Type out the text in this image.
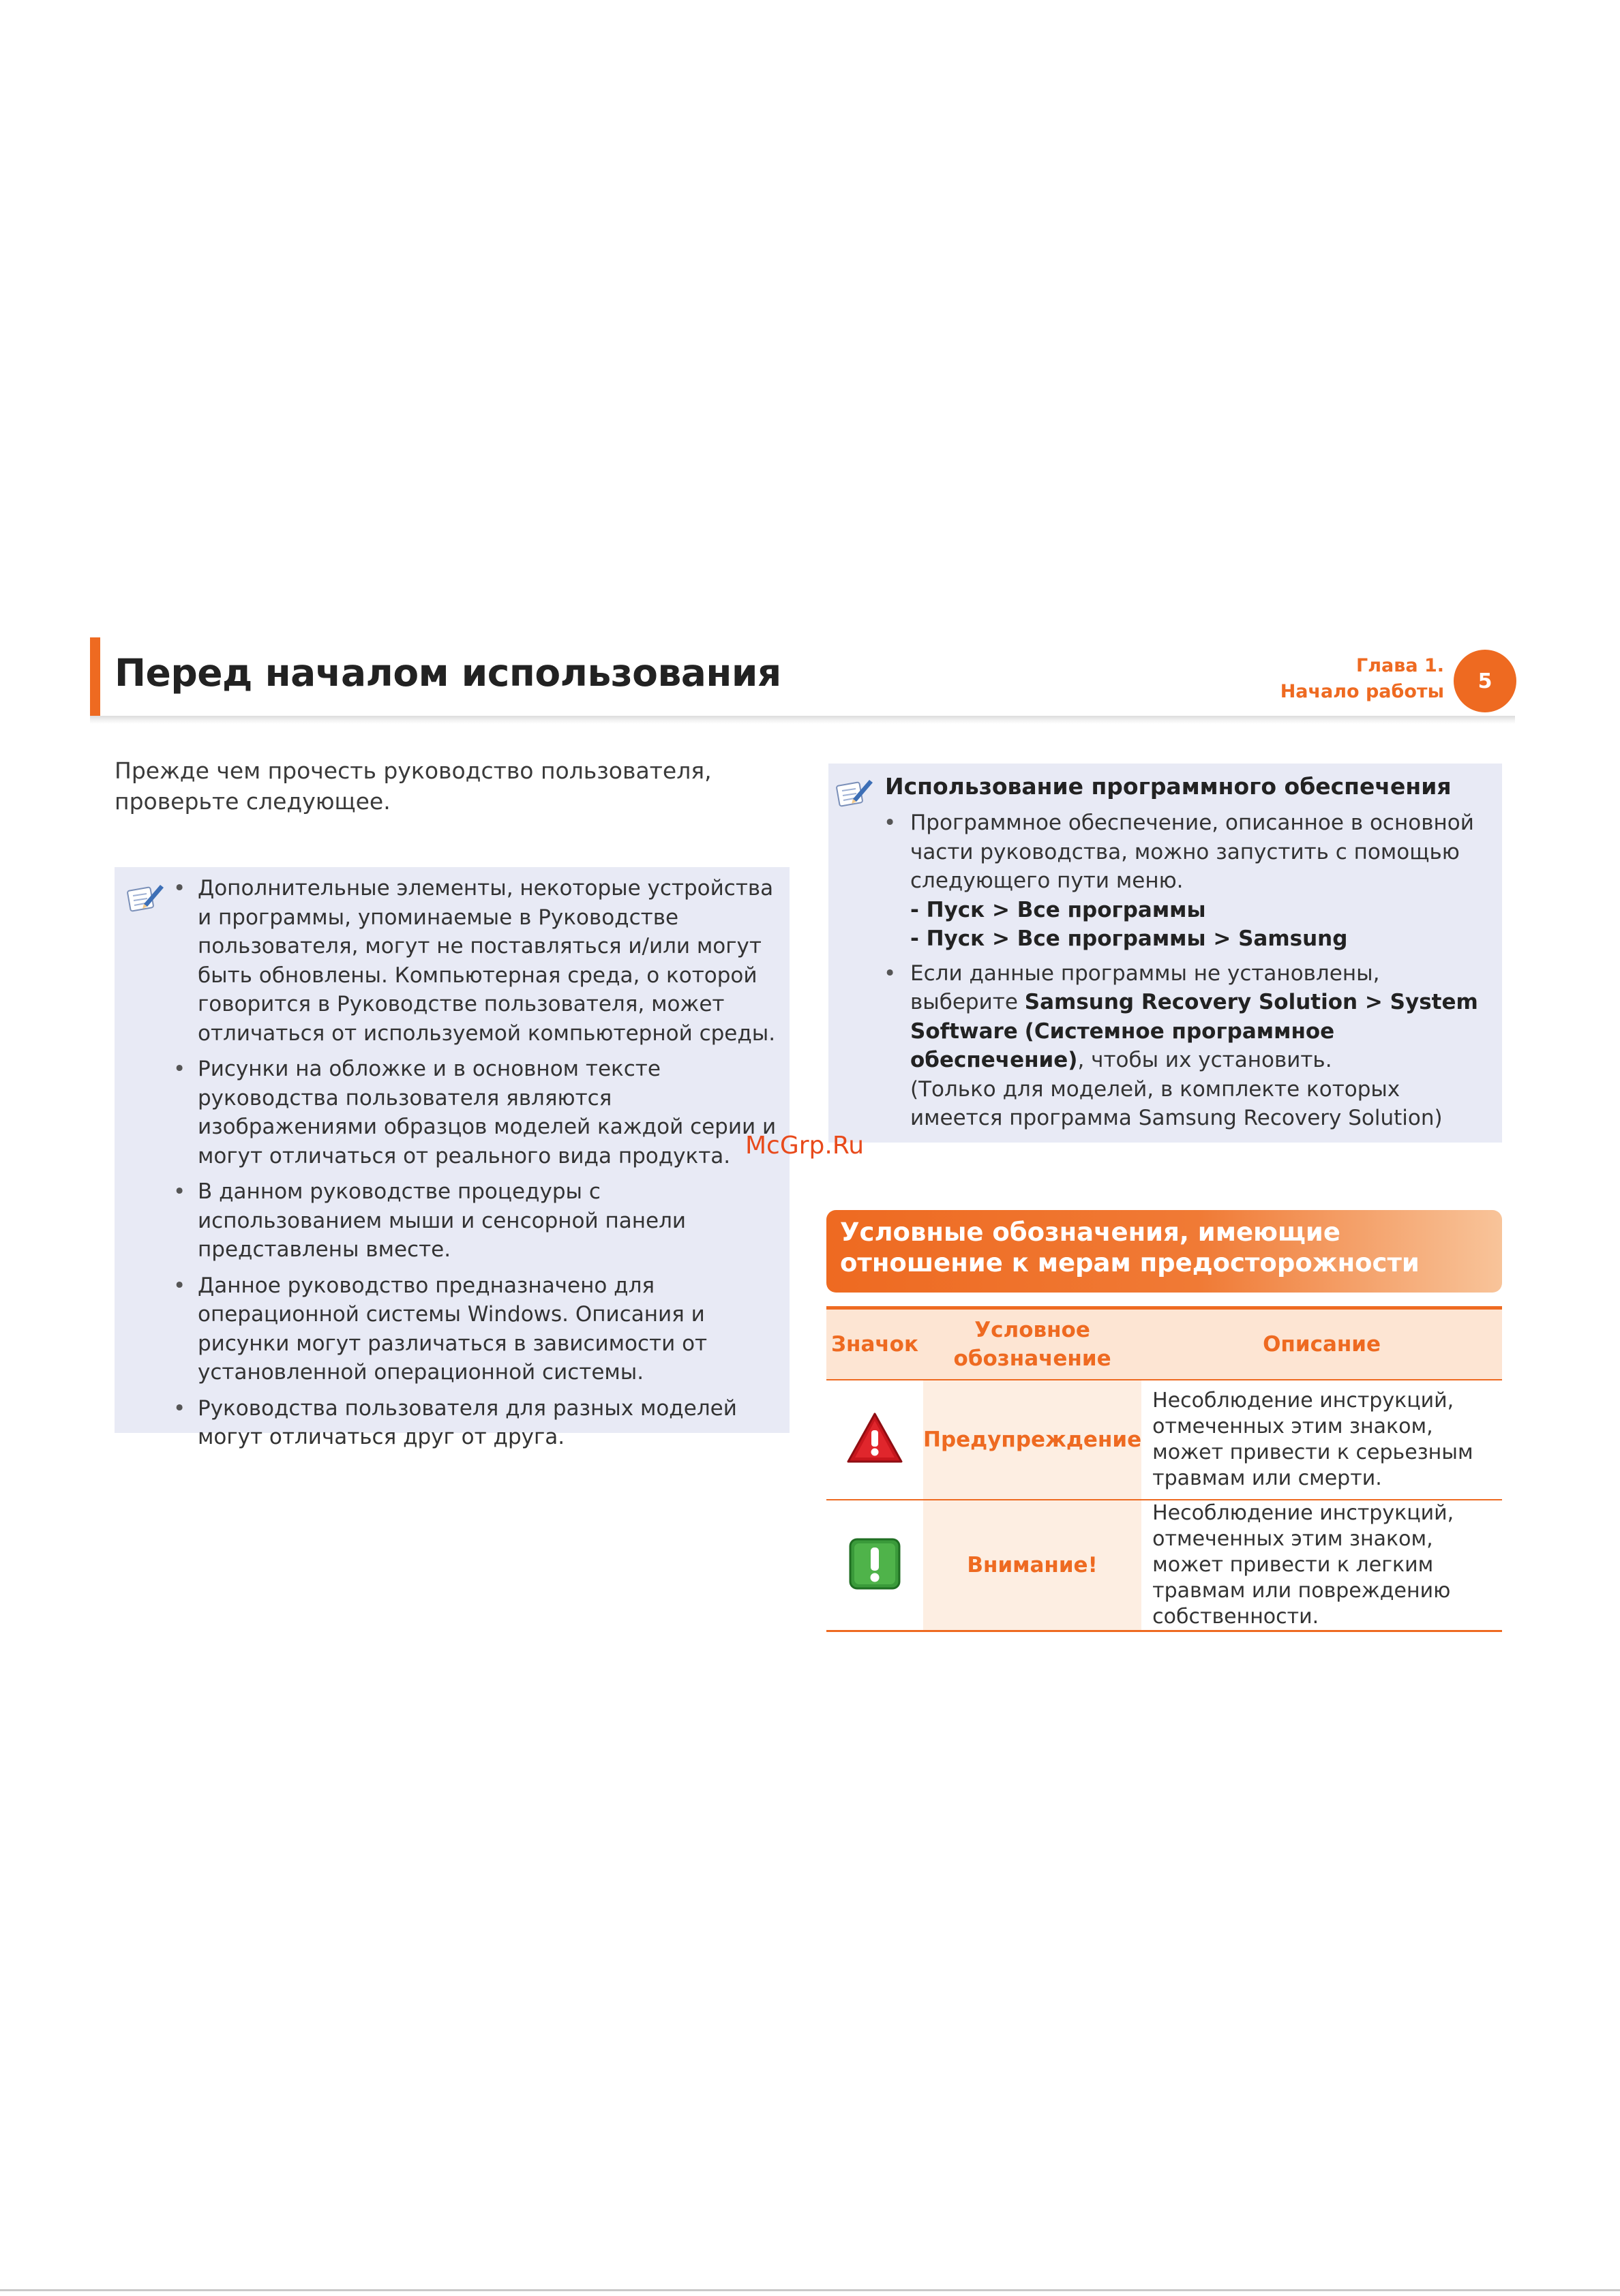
Перед началом использования	Глава 1.
Начало работы	5
Прежде чем прочесть руководство пользователя, проверьте следующее.
• Дополнительные элементы, некоторые устройства и программы, упоминаемые в Руководстве пользователя, могут не поставляться и/или могут быть обновлены. Компьютерная среда, о которой говорится в Руководстве пользователя, может отличаться от используемой компьютерной среды.
• Рисунки на обложке и в основном тексте руководства пользователя являются изображениями образцов моделей каждой серии и могут отличаться от реального вида продукта.
• В данном руководстве процедуры с использованием мыши и сенсорной панели представлены вместе.
• Данное руководство предназначено для операционной системы Windows. Описания и рисунки могут различаться в зависимости от установленной операционной системы.
• Руководства пользователя для разных моделей могут отличаться друг от друга.
Использование программного обеспечения
• Программное обеспечение, описанное в основной части руководства, можно запустить с помощью следующего пути меню.
- Пуск > Все программы
- Пуск > Все программы > Samsung
• Если данные программы не установлены, выберите Samsung Recovery Solution > System Software (Системное программное обеспечение), чтобы их установить.
(Только для моделей, в комплекте которых имеется программа Samsung Recovery Solution)
McGrp.Ru
Условные обозначения, имеющие отношение к мерам предосторожности
Значок	Условное обозначение	Описание
	Предупреждение	Несоблюдение инструкций, отмеченных этим знаком, может привести к серьезным травмам или смерти.
	Внимание!	Несоблюдение инструкций, отмеченных этим знаком, может привести к легким травмам или повреждению собственности.
